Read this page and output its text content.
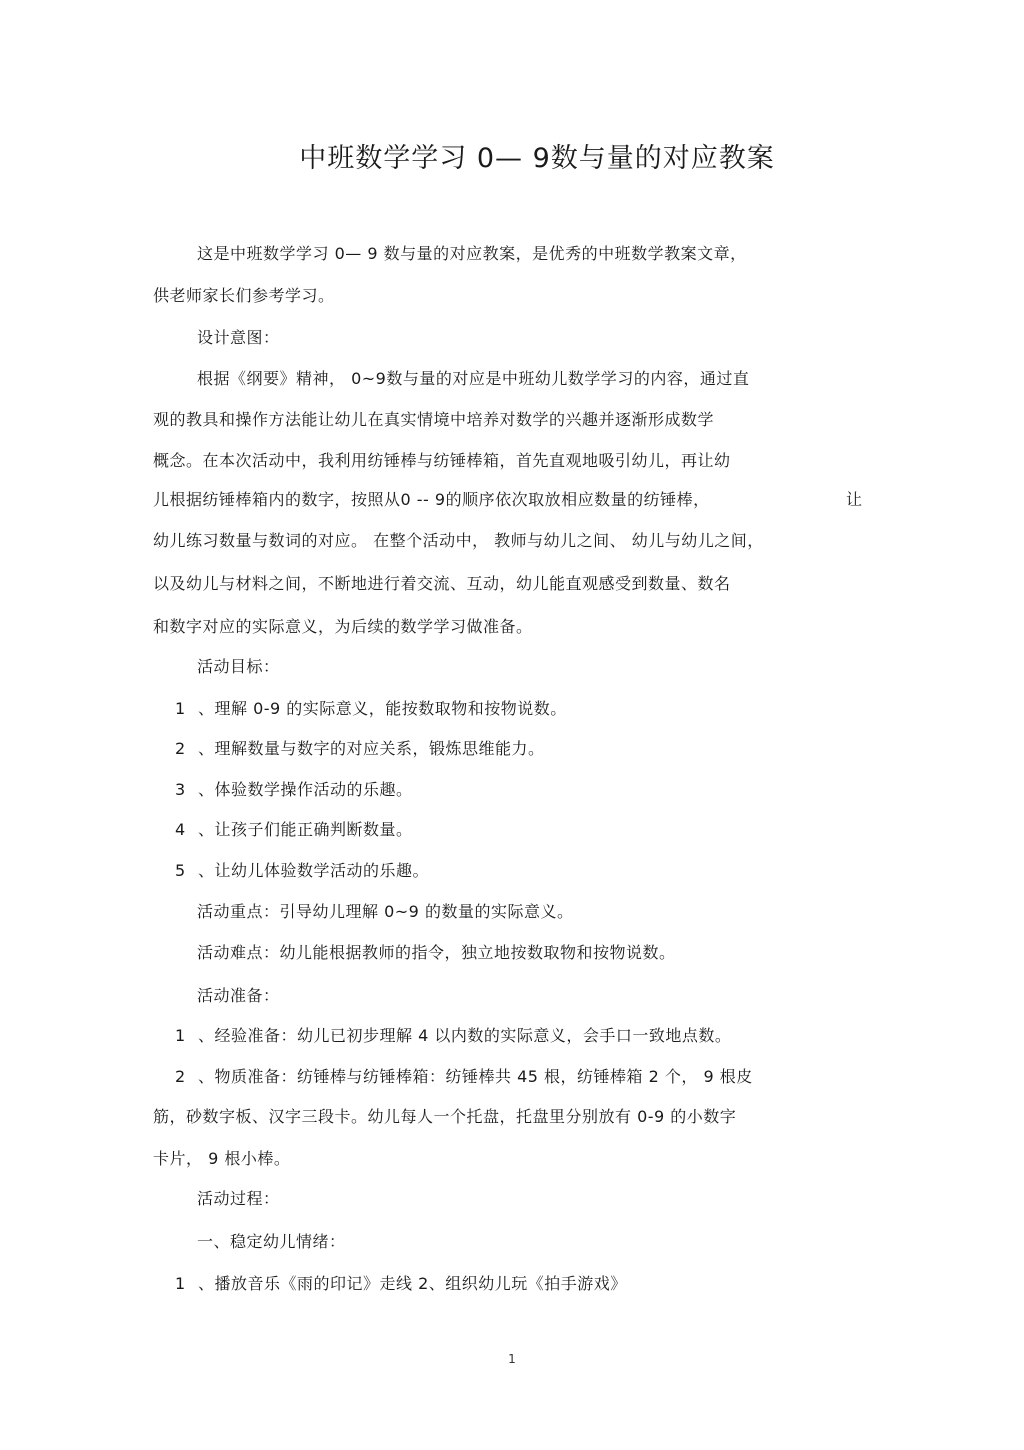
中班数学学习 0— 9数与量的对应教案
这是中班数学学习 0— 9 数与量的对应教案，是优秀的中班数学教案文章，
供老师家长们参考学习。
设计意图：
根据《纲要》精神， 0~9数与量的对应是中班幼儿数学学习的内容，通过直
观的教具和操作方法能让幼儿在真实情境中培养对数学的兴趣并逐渐形成数学
概念。在本次活动中，我利用纺锤棒与纺锤棒箱，首先直观地吸引幼儿，再让幼
儿根据纺锤棒箱内的数字，按照从0 -- 9的顺序依次取放相应数量的纺锤棒，	让
幼儿练习数量与数词的对应。 在整个活动中， 教师与幼儿之间、 幼儿与幼儿之间，
以及幼儿与材料之间，不断地进行着交流、互动，幼儿能直观感受到数量、数名
和数字对应的实际意义，为后续的数学学习做准备。
活动目标：
1 、理解 0-9 的实际意义，能按数取物和按物说数。
2 、理解数量与数字的对应关系，锻炼思维能力。
3 、体验数学操作活动的乐趣。
4 、让孩子们能正确判断数量。
5 、让幼儿体验数学活动的乐趣。
活动重点：引导幼儿理解 0~9 的数量的实际意义。
活动难点：幼儿能根据教师的指令，独立地按数取物和按物说数。
活动准备：
1 、经验准备：幼儿已初步理解 4 以内数的实际意义，会手口一致地点数。
2 、物质准备：纺锤棒与纺锤棒箱：纺锤棒共 45 根，纺锤棒箱 2 个， 9 根皮
筋，砂数字板、汉字三段卡。幼儿每人一个托盘，托盘里分别放有 0-9 的小数字
卡片， 9 根小棒。
活动过程：
一、稳定幼儿情绪：
1 、播放音乐《雨的印记》走线 2、组织幼儿玩《拍手游戏》
1
